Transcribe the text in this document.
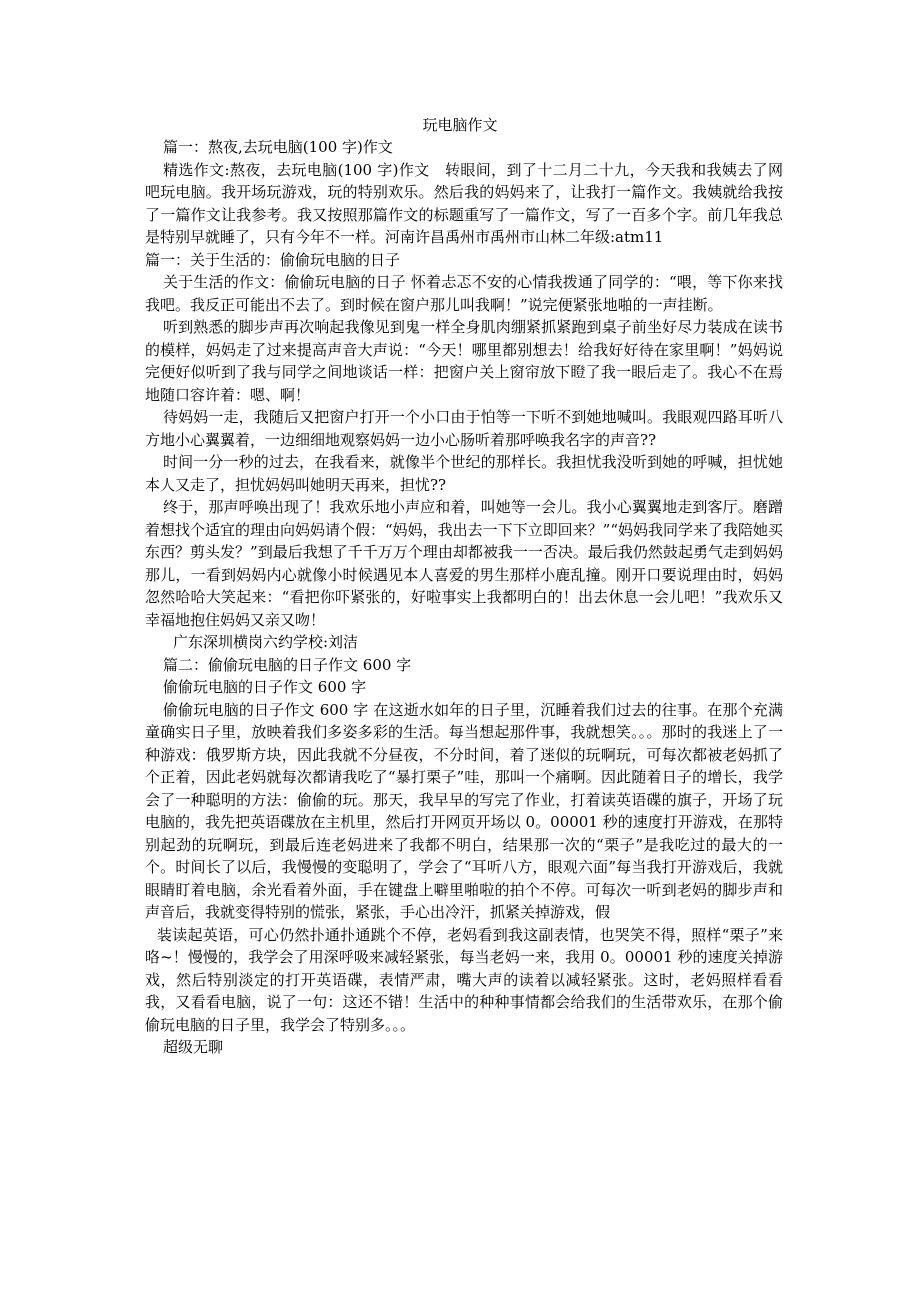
玩电脑作文

篇一：熬夜,去玩电脑(100 字)作文

精选作文:熬夜，去玩电脑(100 字)作文　转眼间，到了十二月二十九，今天我和我姨去了网吧玩电脑。我开场玩游戏，玩的特别欢乐。然后我的妈妈来了，让我打一篇作文。我姨就给我按了一篇作文让我参考。我又按照那篇作文的标题重写了一篇作文，写了一百多个字。前几年我总是特别早就睡了，只有今年不一样。河南许昌禹州市禹州市山林二年级:atm11

篇一：关于生活的：偷偷玩电脑的日子

关于生活的作文：偷偷玩电脑的日子 怀着忐忑不安的心情我拨通了同学的：“喂，等下你来找我吧。我反正可能出不去了。到时候在窗户那儿叫我啊！”说完便紧张地啪的一声挂断。

听到熟悉的脚步声再次响起我像见到鬼一样全身肌肉绷紧抓紧跑到桌子前坐好尽力装成在读书的模样，妈妈走了过来提高声音大声说：“今天！哪里都别想去！给我好好待在家里啊！”妈妈说完便好似听到了我与同学之间地谈话一样：把窗户关上窗帘放下瞪了我一眼后走了。我心不在焉地随口容许着：嗯、啊！

待妈妈一走，我随后又把窗户打开一个小口由于怕等一下听不到她地喊叫。我眼观四路耳听八方地小心翼翼着，一边细细地观察妈妈一边小心肠听着那呼唤我名字的声音??

时间一分一秒的过去，在我看来，就像半个世纪的那样长。我担忧我没听到她的呼喊，担忧她本人又走了，担忧妈妈叫她明天再来，担忧??

终于，那声呼唤出现了！我欢乐地小声应和着，叫她等一会儿。我小心翼翼地走到客厅。磨蹭着想找个适宜的理由向妈妈请个假：“妈妈，我出去一下下立即回来？”“妈妈我同学来了我陪她买东西？剪头发？”到最后我想了千千万万个理由却都被我一一否决。最后我仍然鼓起勇气走到妈妈那儿，一看到妈妈内心就像小时候遇见本人喜爱的男生那样小鹿乱撞。刚开口要说理由时，妈妈忽然哈哈大笑起来：“看把你吓紧张的，好啦事实上我都明白的！出去休息一会儿吧！”我欢乐又幸福地抱住妈妈又亲又吻！

广东深圳横岗六约学校:刘洁

篇二：偷偷玩电脑的日子作文 600 字

偷偷玩电脑的日子作文 600 字

偷偷玩电脑的日子作文 600 字 在这逝水如年的日子里，沉睡着我们过去的往事。在那个充满童确实日子里，放映着我们多姿多彩的生活。每当想起那件事，我就想笑。。。那时的我迷上了一种游戏：俄罗斯方块，因此我就不分昼夜，不分时间，着了迷似的玩啊玩，可每次都被老妈抓了个正着，因此老妈就每次都请我吃了“暴打栗子”哇，那叫一个痛啊。因此随着日子的增长，我学会了一种聪明的方法：偷偷的玩。那天，我早早的写完了作业，打着读英语碟的旗子，开场了玩电脑的，我先把英语碟放在主机里，然后打开网页开场以 0。00001 秒的速度打开游戏，在那特别起劲的玩啊玩，到最后连老妈进来了我都不明白，结果那一次的“栗子”是我吃过的最大的一个。时间长了以后，我慢慢的变聪明了，学会了“耳听八方，眼观六面”每当我打开游戏后，我就眼睛盯着电脑，余光看着外面，手在键盘上噼里啪啦的拍个不停。可每次一听到老妈的脚步声和声音后，我就变得特别的慌张，紧张，手心出冷汗，抓紧关掉游戏，假

装读起英语，可心仍然扑通扑通跳个不停，老妈看到我这副表情，也哭笑不得，照样“栗子”来咯~！慢慢的，我学会了用深呼吸来减轻紧张，每当老妈一来，我用 0。00001 秒的速度关掉游戏，然后特别淡定的打开英语碟，表情严肃，嘴大声的读着以减轻紧张。这时，老妈照样看看我，又看看电脑，说了一句：这还不错！生活中的种种事情都会给我们的生活带欢乐，在那个偷偷玩电脑的日子里，我学会了特别多。。。

超级无聊
